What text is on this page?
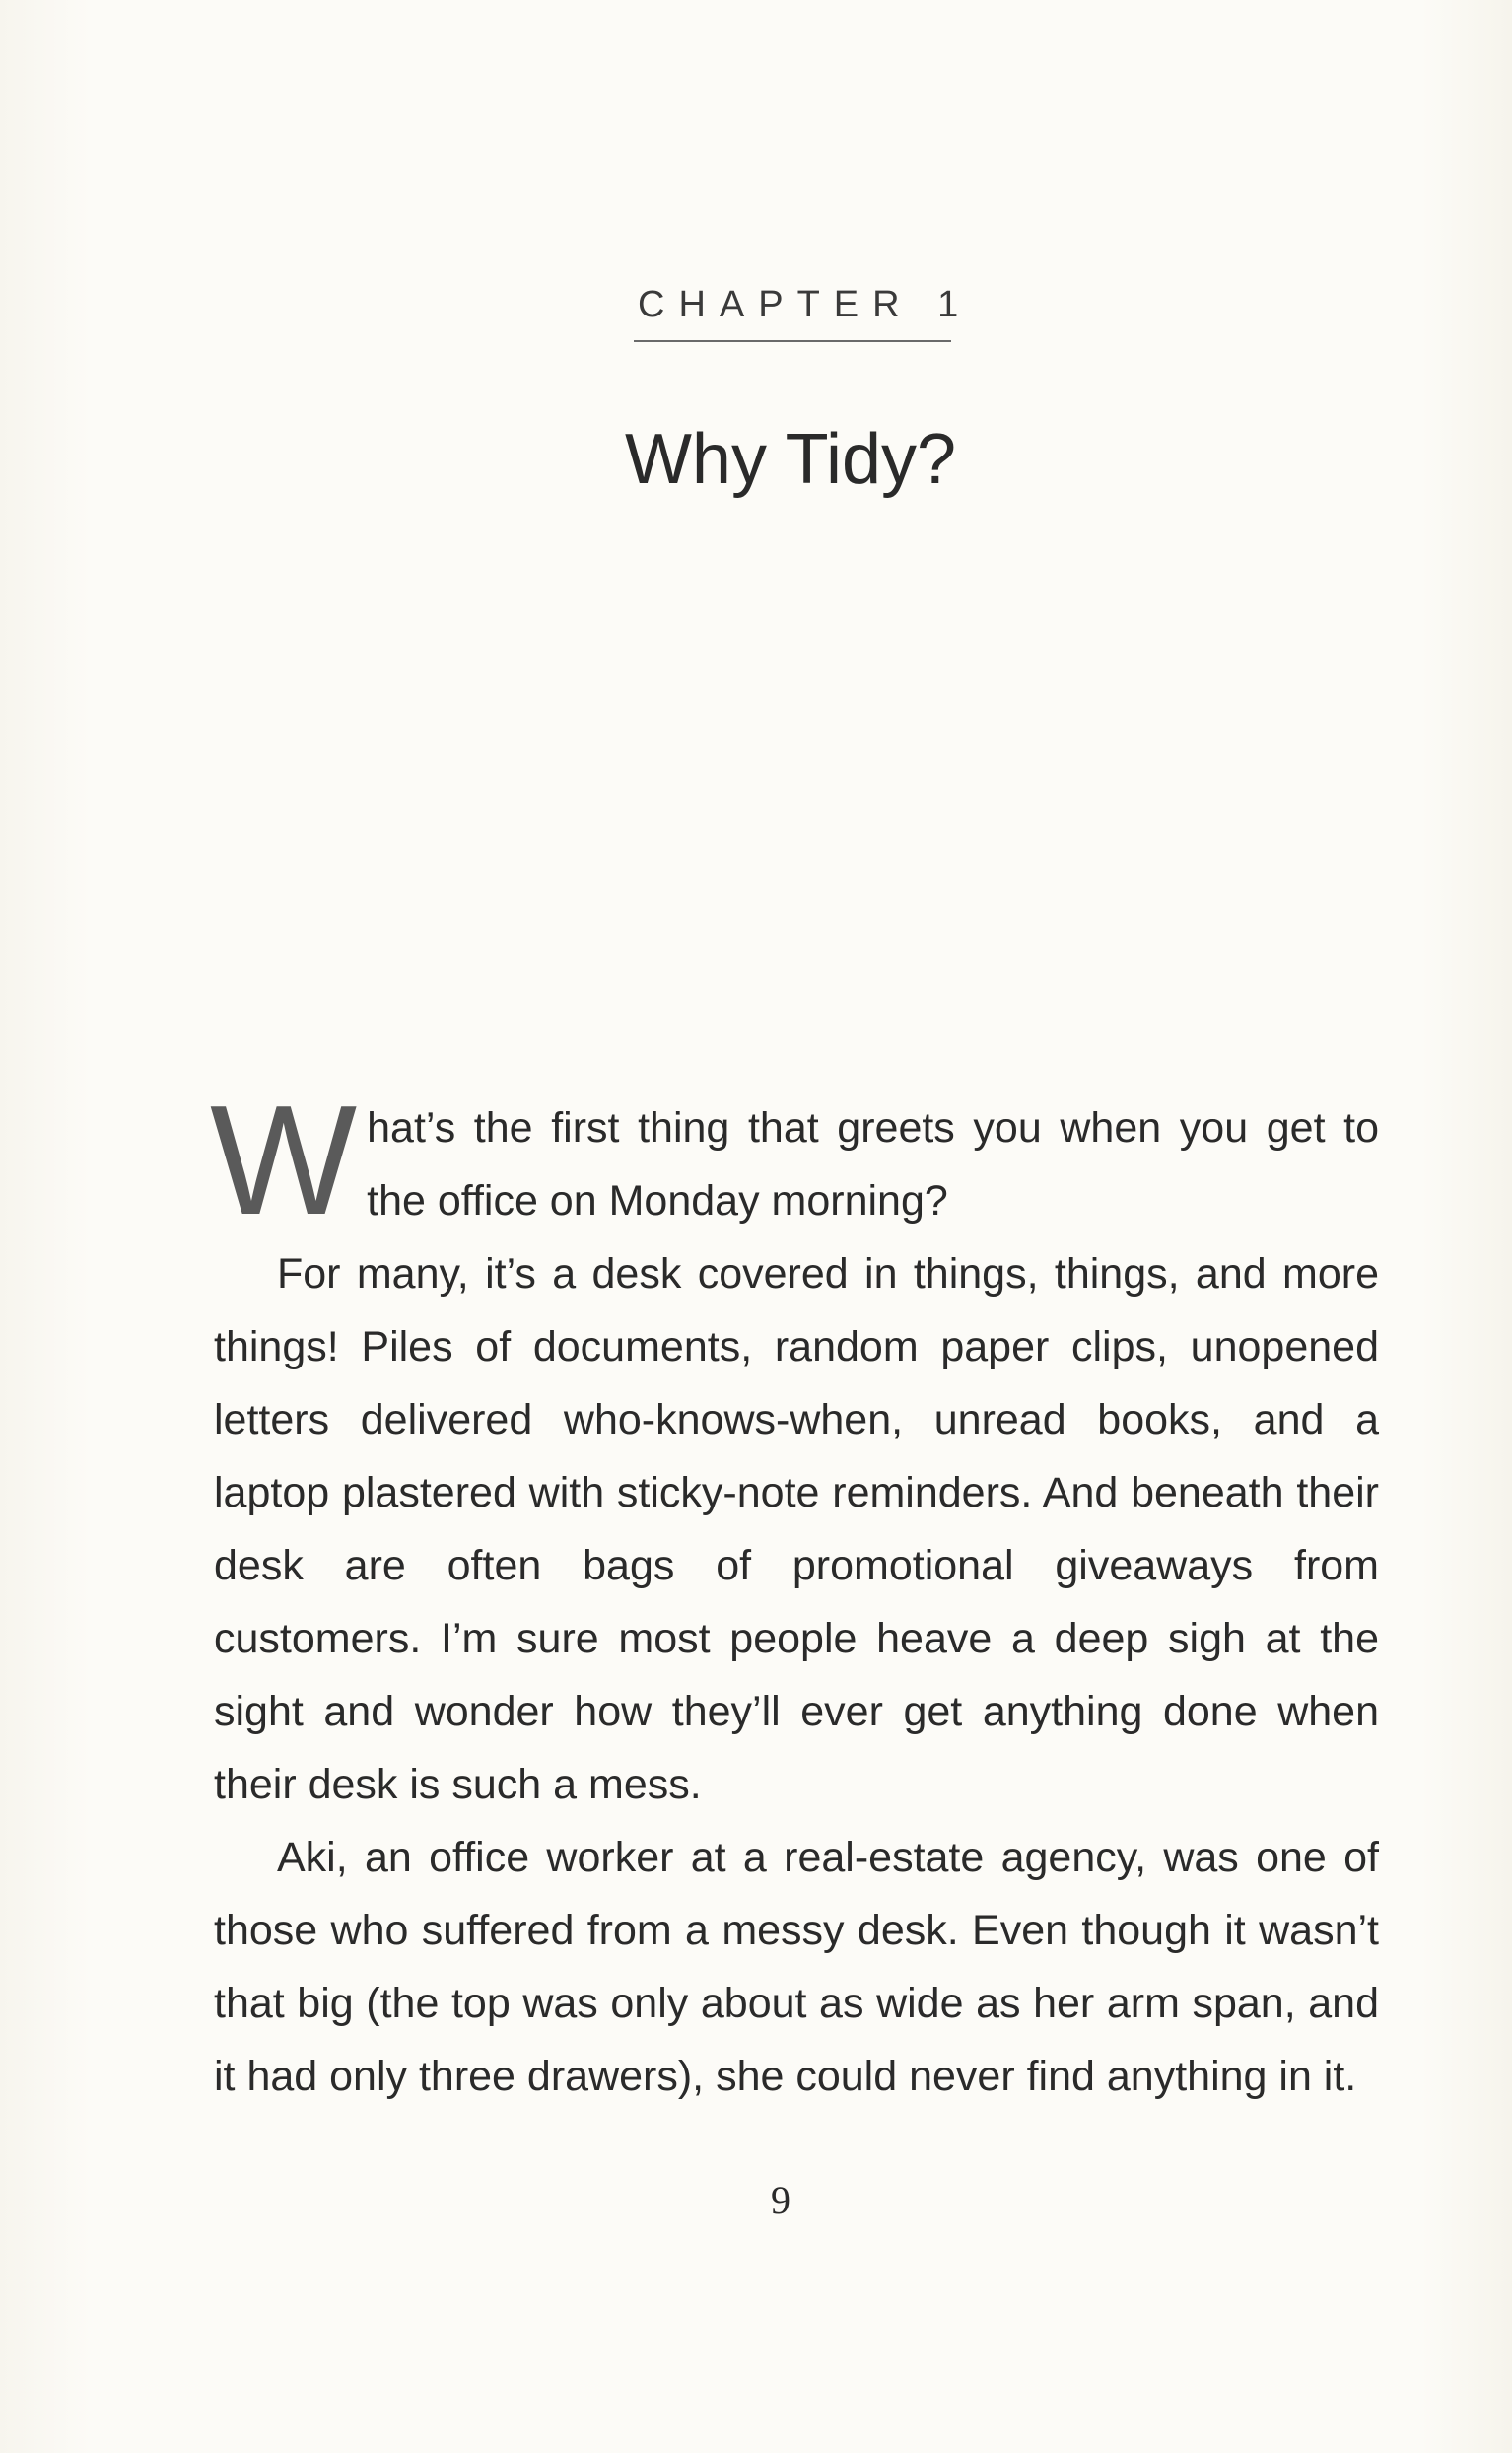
CHAPTER 1
Why Tidy?

What’s the first thing that greets you when you get to the office on Monday morning?

For many, it’s a desk covered in things, things, and more things! Piles of documents, random paper clips, unopened letters delivered who-knows-when, unread books, and a laptop plastered with sticky-note reminders. And beneath their desk are often bags of promotional giveaways from customers. I’m sure most people heave a deep sigh at the sight and wonder how they’ll ever get anything done when their desk is such a mess.

Aki, an office worker at a real-estate agency, was one of those who suffered from a messy desk. Even though it wasn’t that big (the top was only about as wide as her arm span, and it had only three drawers), she could never find anything in it.

9
